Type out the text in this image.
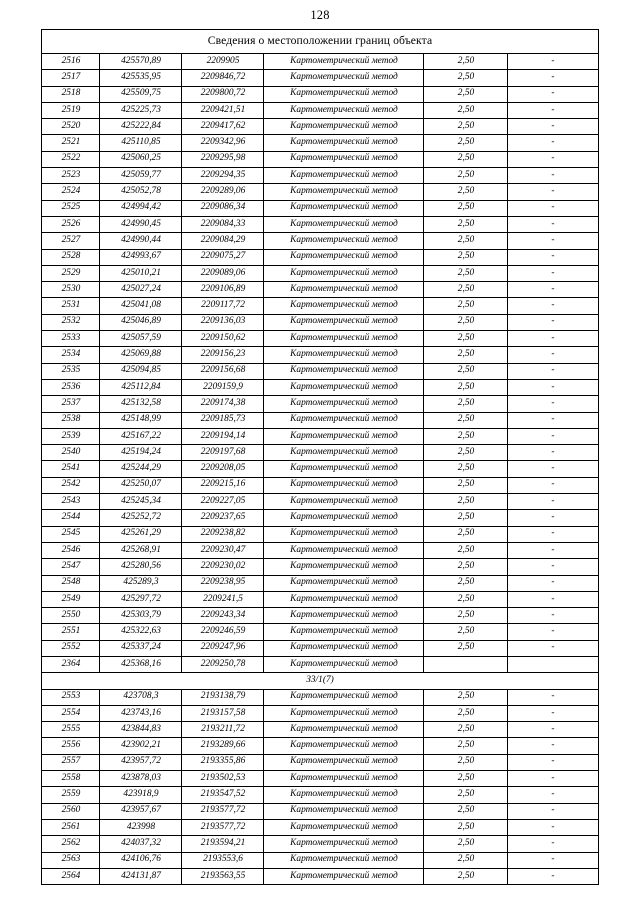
128
Сведения о местоположении границ объекта					
2516	425570,89	2209905	Картометрический метод	2,50	-
2517	425535,95	2209846,72	Картометрический метод	2,50	-
2518	425509,75	2209800,72	Картометрический метод	2,50	-
2519	425225,73	2209421,51	Картометрический метод	2,50	-
2520	425222,84	2209417,62	Картометрический метод	2,50	-
2521	425110,85	2209342,96	Картометрический метод	2,50	-
2522	425060,25	2209295,98	Картометрический метод	2,50	-
2523	425059,77	2209294,35	Картометрический метод	2,50	-
2524	425052,78	2209289,06	Картометрический метод	2,50	-
2525	424994,42	2209086,34	Картометрический метод	2,50	-
2526	424990,45	2209084,33	Картометрический метод	2,50	-
2527	424990,44	2209084,29	Картометрический метод	2,50	-
2528	424993,67	2209075,27	Картометрический метод	2,50	-
2529	425010,21	2209089,06	Картометрический метод	2,50	-
2530	425027,24	2209106,89	Картометрический метод	2,50	-
2531	425041,08	2209117,72	Картометрический метод	2,50	-
2532	425046,89	2209136,03	Картометрический метод	2,50	-
2533	425057,59	2209150,62	Картометрический метод	2,50	-
2534	425069,88	2209156,23	Картометрический метод	2,50	-
2535	425094,85	2209156,68	Картометрический метод	2,50	-
2536	425112,84	2209159,9	Картометрический метод	2,50	-
2537	425132,58	2209174,38	Картометрический метод	2,50	-
2538	425148,99	2209185,73	Картометрический метод	2,50	-
2539	425167,22	2209194,14	Картометрический метод	2,50	-
2540	425194,24	2209197,68	Картометрический метод	2,50	-
2541	425244,29	2209208,05	Картометрический метод	2,50	-
2542	425250,07	2209215,16	Картометрический метод	2,50	-
2543	425245,34	2209227,05	Картометрический метод	2,50	-
2544	425252,72	2209237,65	Картометрический метод	2,50	-
2545	425261,29	2209238,82	Картометрический метод	2,50	-
2546	425268,91	2209230,47	Картометрический метод	2,50	-
2547	425280,56	2209230,02	Картометрический метод	2,50	-
2548	425289,3	2209238,95	Картометрический метод	2,50	-
2549	425297,72	2209241,5	Картометрический метод	2,50	-
2550	425303,79	2209243,34	Картометрический метод	2,50	-
2551	425322,63	2209246,59	Картометрический метод	2,50	-
2552	425337,24	2209247,96	Картометрический метод	2,50	-
2364	425368,16	2209250,78	Картометрический метод		
З3/1(7)					
2553	423708,3	2193138,79	Картометрический метод	2,50	-
2554	423743,16	2193157,58	Картометрический метод	2,50	-
2555	423844,83	2193211,72	Картометрический метод	2,50	-
2556	423902,21	2193289,66	Картометрический метод	2,50	-
2557	423957,72	2193355,86	Картометрический метод	2,50	-
2558	423878,03	2193502,53	Картометрический метод	2,50	-
2559	423918,9	2193547,52	Картометрический метод	2,50	-
2560	423957,67	2193577,72	Картометрический метод	2,50	-
2561	423998	2193577,72	Картометрический метод	2,50	-
2562	424037,32	2193594,21	Картометрический метод	2,50	-
2563	424106,76	2193553,6	Картометрический метод	2,50	-
2564	424131,87	2193563,55	Картометрический метод	2,50	-
